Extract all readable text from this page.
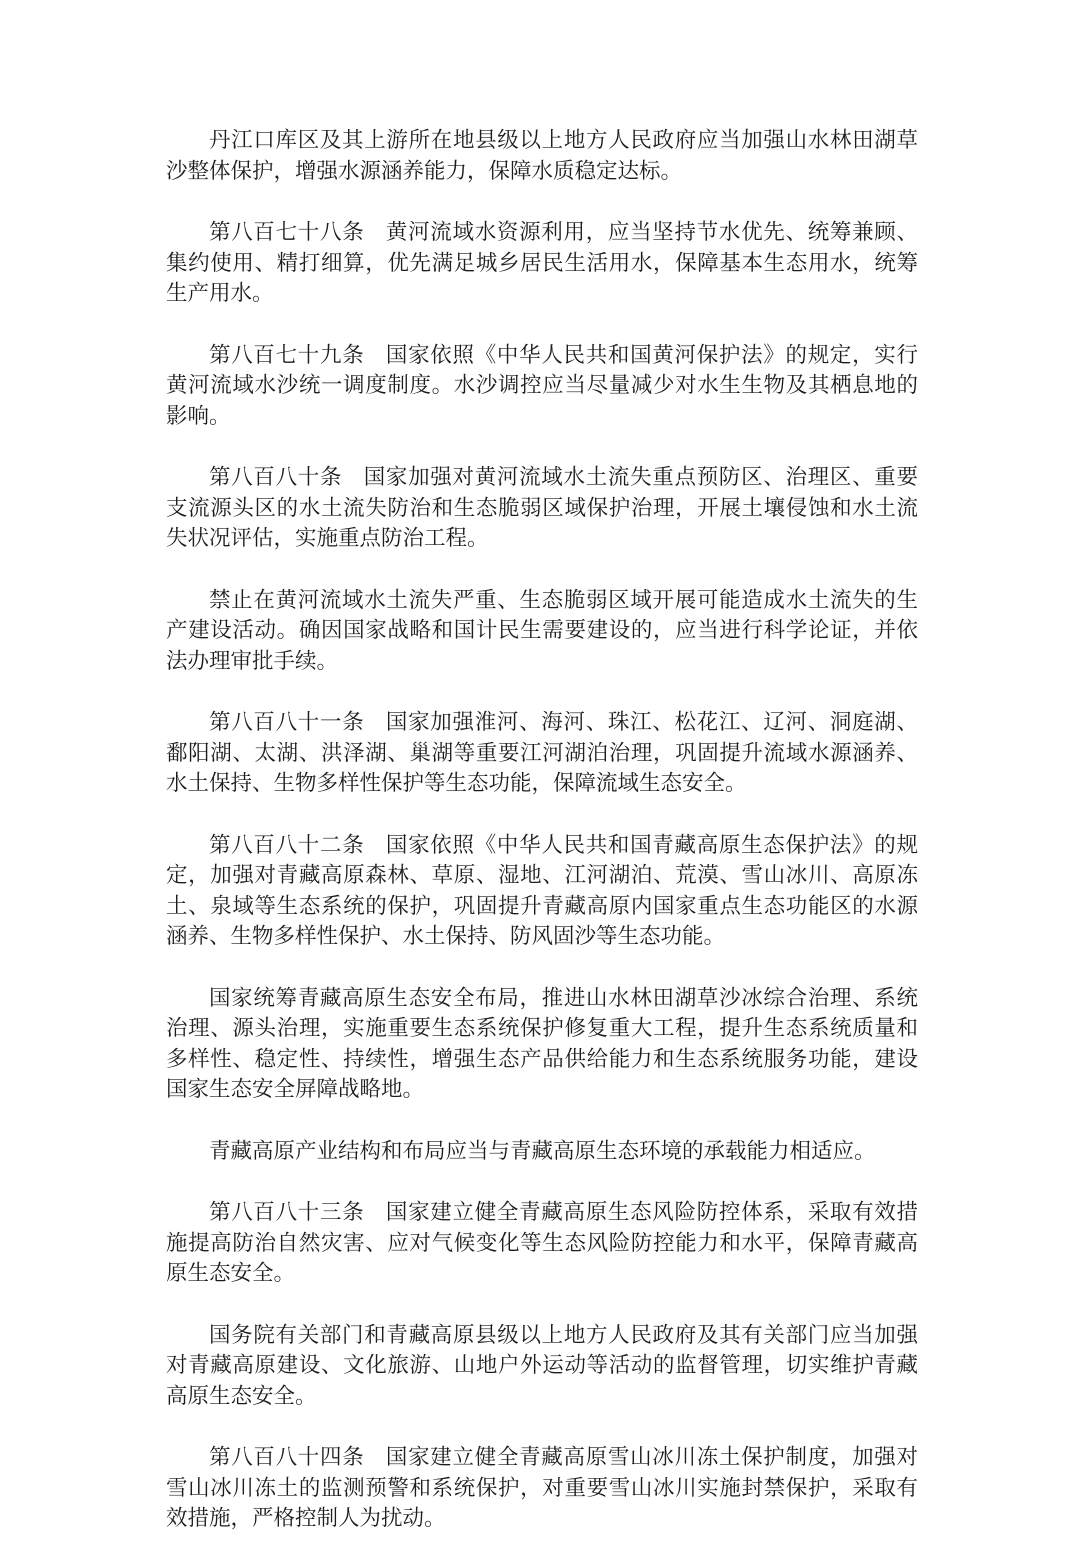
丹江口库区及其上游所在地县级以上地方人民政府应当加强山水林田湖草沙整体保护，增强水源涵养能力，保障水质稳定达标。

第八百七十八条 黄河流域水资源利用，应当坚持节水优先、统筹兼顾、集约使用、精打细算，优先满足城乡居民生活用水，保障基本生态用水，统筹生产用水。

第八百七十九条 国家依照《中华人民共和国黄河保护法》的规定，实行黄河流域水沙统一调度制度。水沙调控应当尽量减少对水生生物及其栖息地的影响。

第八百八十条 国家加强对黄河流域水土流失重点预防区、治理区、重要支流源头区的水土流失防治和生态脆弱区域保护治理，开展土壤侵蚀和水土流失状况评估，实施重点防治工程。

禁止在黄河流域水土流失严重、生态脆弱区域开展可能造成水土流失的生产建设活动。确因国家战略和国计民生需要建设的，应当进行科学论证，并依法办理审批手续。

第八百八十一条 国家加强淮河、海河、珠江、松花江、辽河、洞庭湖、鄱阳湖、太湖、洪泽湖、巢湖等重要江河湖泊治理，巩固提升流域水源涵养、水土保持、生物多样性保护等生态功能，保障流域生态安全。

第八百八十二条 国家依照《中华人民共和国青藏高原生态保护法》的规定，加强对青藏高原森林、草原、湿地、江河湖泊、荒漠、雪山冰川、高原冻土、泉域等生态系统的保护，巩固提升青藏高原内国家重点生态功能区的水源涵养、生物多样性保护、水土保持、防风固沙等生态功能。

国家统筹青藏高原生态安全布局，推进山水林田湖草沙冰综合治理、系统治理、源头治理，实施重要生态系统保护修复重大工程，提升生态系统质量和多样性、稳定性、持续性，增强生态产品供给能力和生态系统服务功能，建设国家生态安全屏障战略地。

青藏高原产业结构和布局应当与青藏高原生态环境的承载能力相适应。

第八百八十三条 国家建立健全青藏高原生态风险防控体系，采取有效措施提高防治自然灾害、应对气候变化等生态风险防控能力和水平，保障青藏高原生态安全。

国务院有关部门和青藏高原县级以上地方人民政府及其有关部门应当加强对青藏高原建设、文化旅游、山地户外运动等活动的监督管理，切实维护青藏高原生态安全。

第八百八十四条 国家建立健全青藏高原雪山冰川冻土保护制度，加强对雪山冰川冻土的监测预警和系统保护，对重要雪山冰川实施封禁保护，采取有效措施，严格控制人为扰动。
